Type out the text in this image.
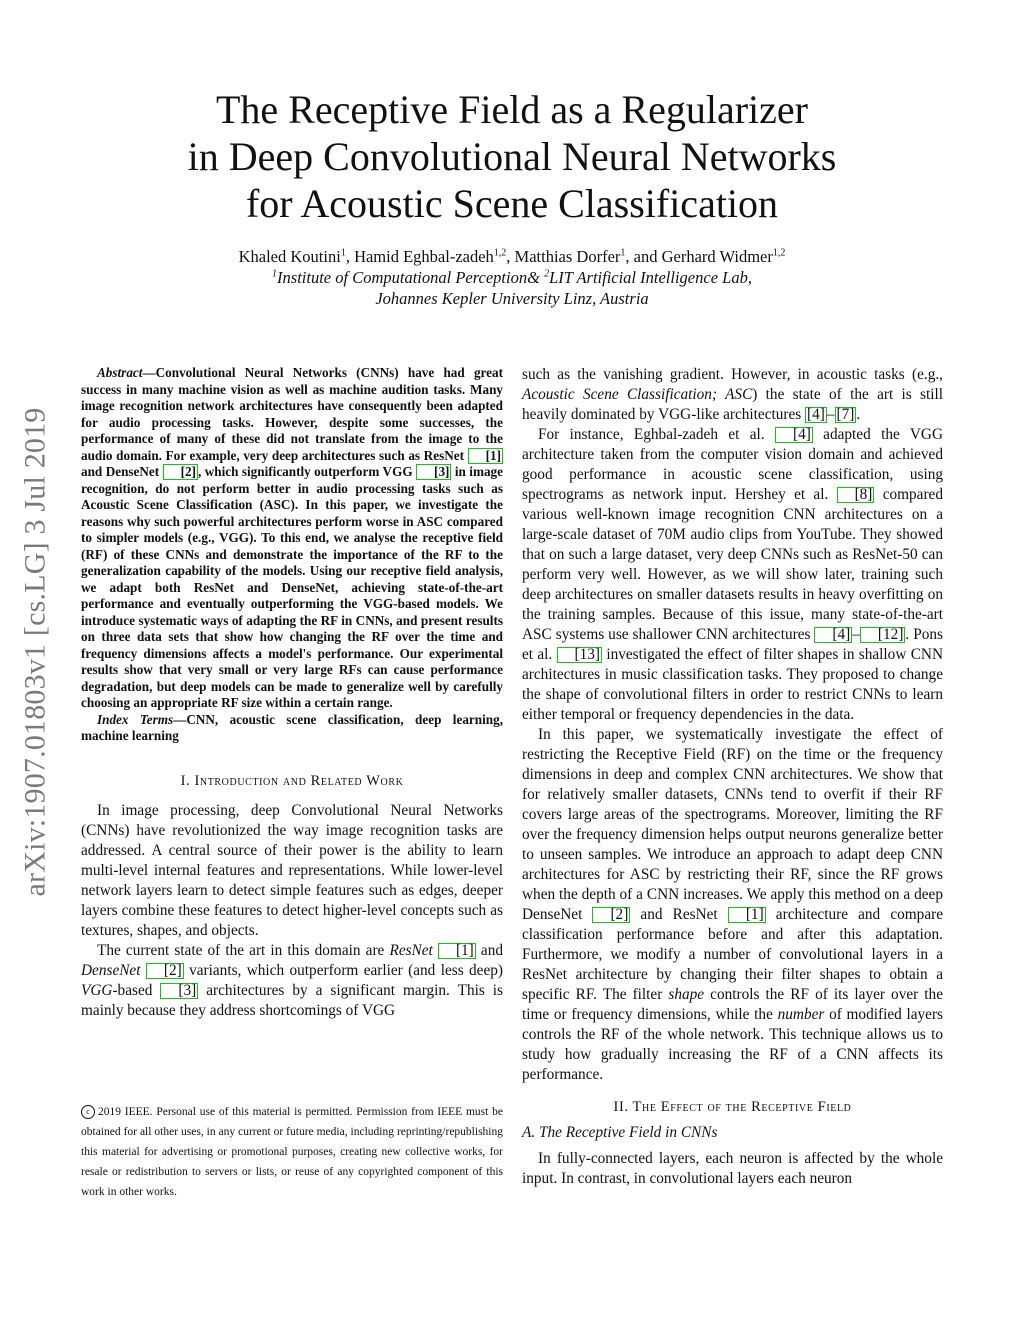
arXiv:1907.01803v1 [cs.LG] 3 Jul 2019
The Receptive Field as a Regularizer
in Deep Convolutional Neural Networks
for Acoustic Scene Classification
Khaled Koutini$^1$, Hamid Eghbal-zadeh$^{1,2}$, Matthias Dorfer$^1$, and Gerhard Widmer$^{1,2}$
$^1$Institute of Computational Perception& $^2$LIT Artificial Intelligence Lab,
Johannes Kepler University Linz, Austria

Abstract—Convolutional Neural Networks (CNNs) have had great success in many machine vision as well as machine audition tasks. Many image recognition network architectures have consequently been adapted for audio processing tasks. However, despite some successes, the performance of many of these did not translate from the image to the audio domain. For example, very deep architectures such as ResNet [1] and DenseNet [2] , which significantly outperform VGG [3] in image recognition, do not perform better in audio processing tasks such as Acoustic Scene Classification (ASC). In this paper, we investigate the reasons why such powerful architectures perform worse in ASC compared to simpler models (e.g., VGG). To this end, we analyse the receptive field (RF) of these CNNs and demonstrate the importance of the RF to the generalization capability of the models. Using our receptive field analysis, we adapt both ResNet and DenseNet, achieving state-of-the-art performance and eventually outperforming the VGG-based models. We introduce systematic ways of adapting the RF in CNNs, and present results on three data sets that show how changing the RF over the time and frequency dimensions affects a model's performance. Our experimental results show that very small or very large RFs can cause performance degradation, but deep models can be made to generalize well by carefully choosing an appropriate RF size within a certain range.

Index Terms—CNN, acoustic scene classification, deep learning, machine learning

I. Introduction and Related Work

In image processing, deep Convolutional Neural Networks (CNNs) have revolutionized the way image recognition tasks are addressed. A central source of their power is the ability to learn multi-level internal features and representations. While lower-level network layers learn to detect simple features such as edges, deeper layers combine these features to detect higher-level concepts such as textures, shapes, and objects.

The current state of the art in this domain are ResNet [1] and DenseNet [2] variants, which outperform earlier (and less deep) VGG-based [3] architectures by a significant margin. This is mainly because they address shortcomings of VGG

such as the vanishing gradient. However, in acoustic tasks (e.g., Acoustic Scene Classification; ASC) the state of the art is still heavily dominated by VGG-like architectures [4] – [7] .

For instance, Eghbal-zadeh et al. [4] adapted the VGG architecture taken from the computer vision domain and achieved good performance in acoustic scene classification, using spectrograms as network input. Hershey et al. [8] compared various well-known image recognition CNN architectures on a large-scale dataset of 70M audio clips from YouTube. They showed that on such a large dataset, very deep CNNs such as ResNet-50 can perform very well. However, as we will show later, training such deep architectures on smaller datasets results in heavy overfitting on the training samples. Because of this issue, many state-of-the-art ASC systems use shallower CNN architectures [4] – [12] . Pons et al. [13] investigated the effect of filter shapes in shallow CNN architectures in music classification tasks. They proposed to change the shape of convolutional filters in order to restrict CNNs to learn either temporal or frequency dependencies in the data.

In this paper, we systematically investigate the effect of restricting the Receptive Field (RF) on the time or the frequency dimensions in deep and complex CNN architectures. We show that for relatively smaller datasets, CNNs tend to overfit if their RF covers large areas of the spectrograms. Moreover, limiting the RF over the frequency dimension helps output neurons generalize better to unseen samples. We introduce an approach to adapt deep CNN architectures for ASC by restricting their RF, since the RF grows when the depth of a CNN increases. We apply this method on a deep DenseNet [2] and ResNet [1] architecture and compare classification performance before and after this adaptation. Furthermore, we modify a number of convolutional layers in a ResNet architecture by changing their filter shapes to obtain a specific RF. The filter shape controls the RF of its layer over the time or frequency dimensions, while the number of modified layers controls the RF of the whole network. This technique allows us to study how gradually increasing the RF of a CNN affects its performance.

II. The Effect of the Receptive Field
A. The Receptive Field in CNNs

In fully-connected layers, each neuron is affected by the whole input. In contrast, in convolutional layers each neuron

c 2019 IEEE. Personal use of this material is permitted. Permission from IEEE must be obtained for all other uses, in any current or future media, including reprinting/republishing this material for advertising or promotional purposes, creating new collective works, for resale or redistribution to servers or lists, or reuse of any copyrighted component of this work in other works.
